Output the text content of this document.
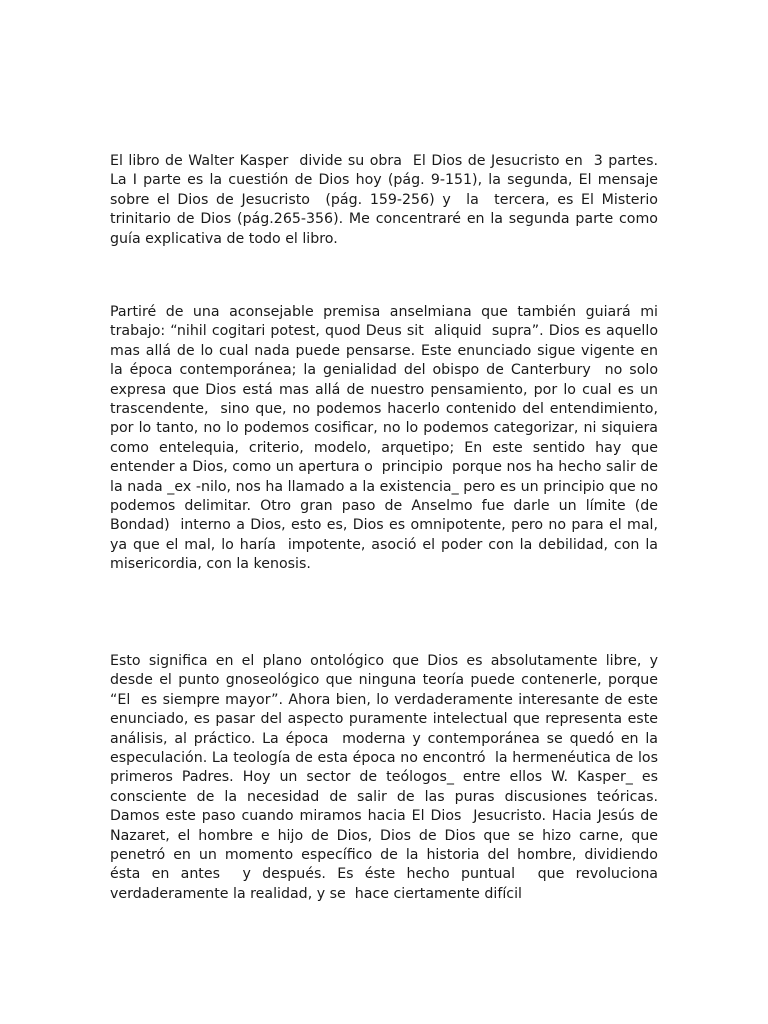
El libro de Walter Kasper  divide su obra  El Dios de Jesucristo en  3 partes.  La I parte es la cuestión de Dios hoy (pág. 9-151), la segunda, El mensaje sobre el Dios de Jesucristo  (pág. 159-256) y  la  tercera, es El Misterio trinitario de Dios (pág.265-356). Me concentraré en la segunda parte como guía explicativa de todo el libro.

Partiré de una aconsejable premisa anselmiana que también guiará mi trabajo: “nihil cogitari potest, quod Deus sit  aliquid  supra”. Dios es aquello mas allá de lo cual nada puede pensarse. Este enunciado sigue vigente en la época contemporánea; la genialidad del obispo de Canterbury  no solo expresa que Dios está mas allá de nuestro pensamiento, por lo cual es un trascendente,  sino que, no podemos hacerlo contenido del entendimiento, por lo tanto, no lo podemos cosificar, no lo podemos categorizar, ni siquiera como entelequia, criterio, modelo, arquetipo; En este sentido hay que entender a Dios, como un apertura o  principio  porque nos ha hecho salir de la nada _ex -nilo, nos ha llamado a la existencia_ pero es un principio que no podemos delimitar. Otro gran paso de Anselmo fue darle un límite (de Bondad)  interno a Dios, esto es, Dios es omnipotente, pero no para el mal,  ya que el mal, lo haría  impotente, asoció el poder con la debilidad, con la misericordia, con la kenosis.

Esto significa en el plano ontológico que Dios es absolutamente libre, y desde el punto gnoseológico que ninguna teoría puede contenerle, porque “El  es siempre mayor”. Ahora bien, lo verdaderamente interesante de este enunciado, es pasar del aspecto puramente intelectual que representa este análisis, al práctico. La época  moderna y contemporánea se quedó en la especulación. La teología de esta época no encontró  la hermenéutica de los primeros Padres. Hoy un sector de teólogos_ entre ellos W. Kasper_ es consciente de la necesidad de salir de las puras discusiones teóricas.  Damos este paso cuando miramos hacia El Dios  Jesucristo. Hacia Jesús de Nazaret, el hombre e hijo de Dios, Dios de Dios que se hizo carne, que penetró en un momento específico de la historia del hombre, dividiendo ésta en antes  y después. Es éste hecho puntual  que revoluciona verdaderamente la realidad, y se  hace ciertamente difícil
